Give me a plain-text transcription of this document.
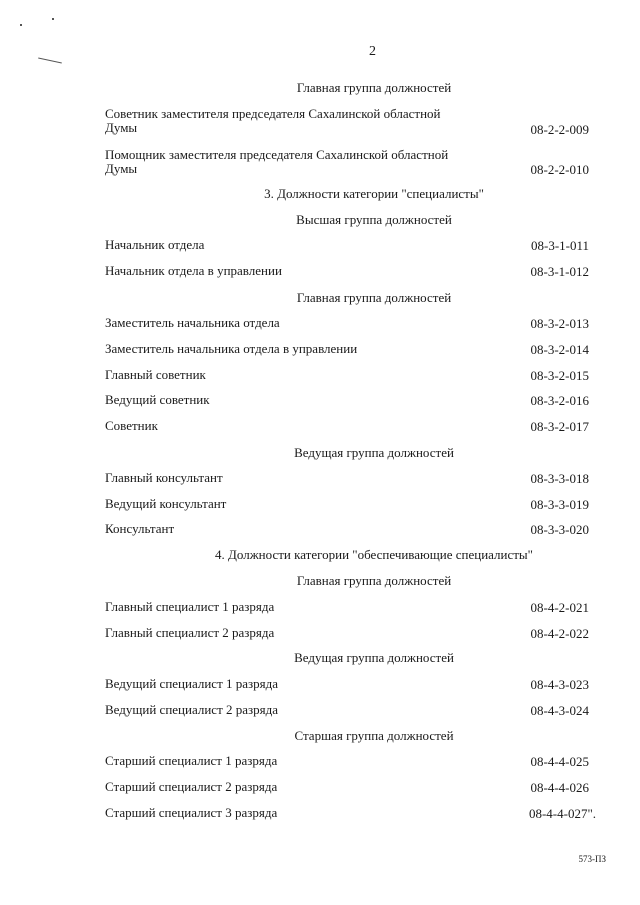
2
Главная группа должностей
Советник заместителя председателя Сахалинской областной
Думы	08-2-2-009
Помощник заместителя председателя Сахалинской областной
Думы	08-2-2-010
3. Должности категории "специалисты"
Высшая группа должностей
Начальник отдела	08-3-1-011
Начальник отдела в управлении	08-3-1-012
Главная группа должностей
Заместитель начальника отдела	08-3-2-013
Заместитель начальника отдела в управлении	08-3-2-014
Главный советник	08-3-2-015
Ведущий советник	08-3-2-016
Советник	08-3-2-017
Ведущая группа должностей
Главный консультант	08-3-3-018
Ведущий консультант	08-3-3-019
Консультант	08-3-3-020
4. Должности категории "обеспечивающие специалисты"
Главная группа должностей
Главный специалист 1 разряда	08-4-2-021
Главный специалист 2 разряда	08-4-2-022
Ведущая группа должностей
Ведущий специалист 1 разряда	08-4-3-023
Ведущий специалист 2 разряда	08-4-3-024
Старшая группа должностей
Старший специалист 1 разряда	08-4-4-025
Старший специалист 2 разряда	08-4-4-026
Старший специалист 3 разряда	08-4-4-027".
573-ПЗ
